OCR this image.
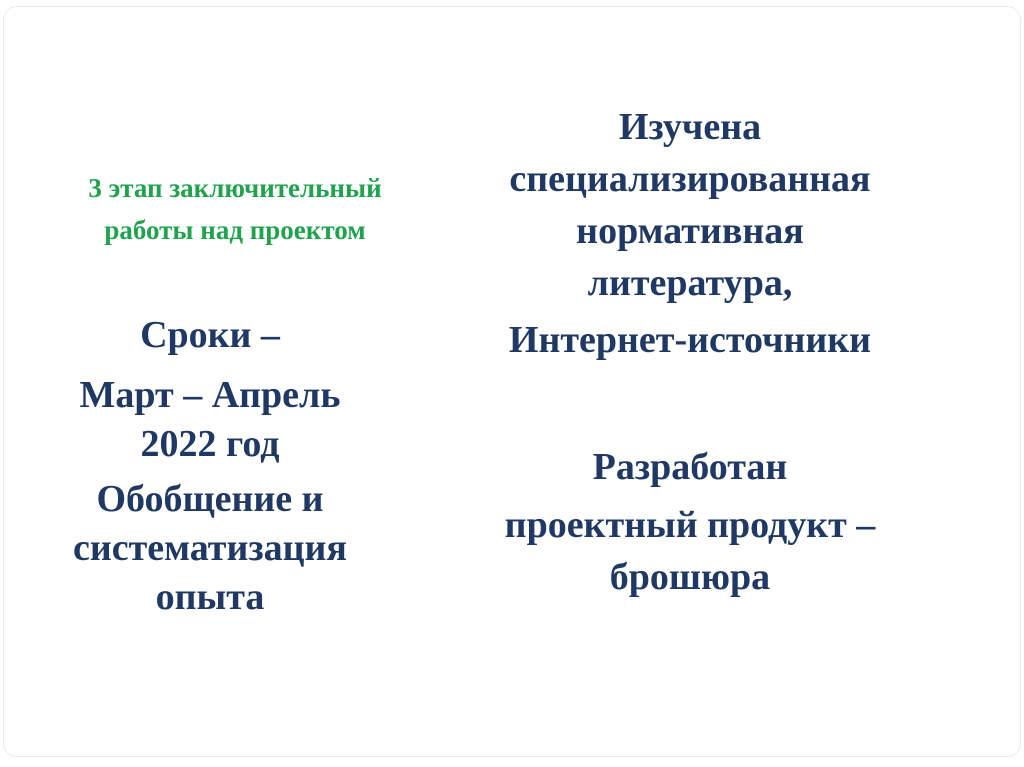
3 этап заключительный
работы над проектом
Сроки –
Март – Апрель
2022 год
Обобщение и
систематизация
опыта
Изучена
специализированная
нормативная
литература,
Интернет-источники
Разработан
проектный продукт –
брошюра
